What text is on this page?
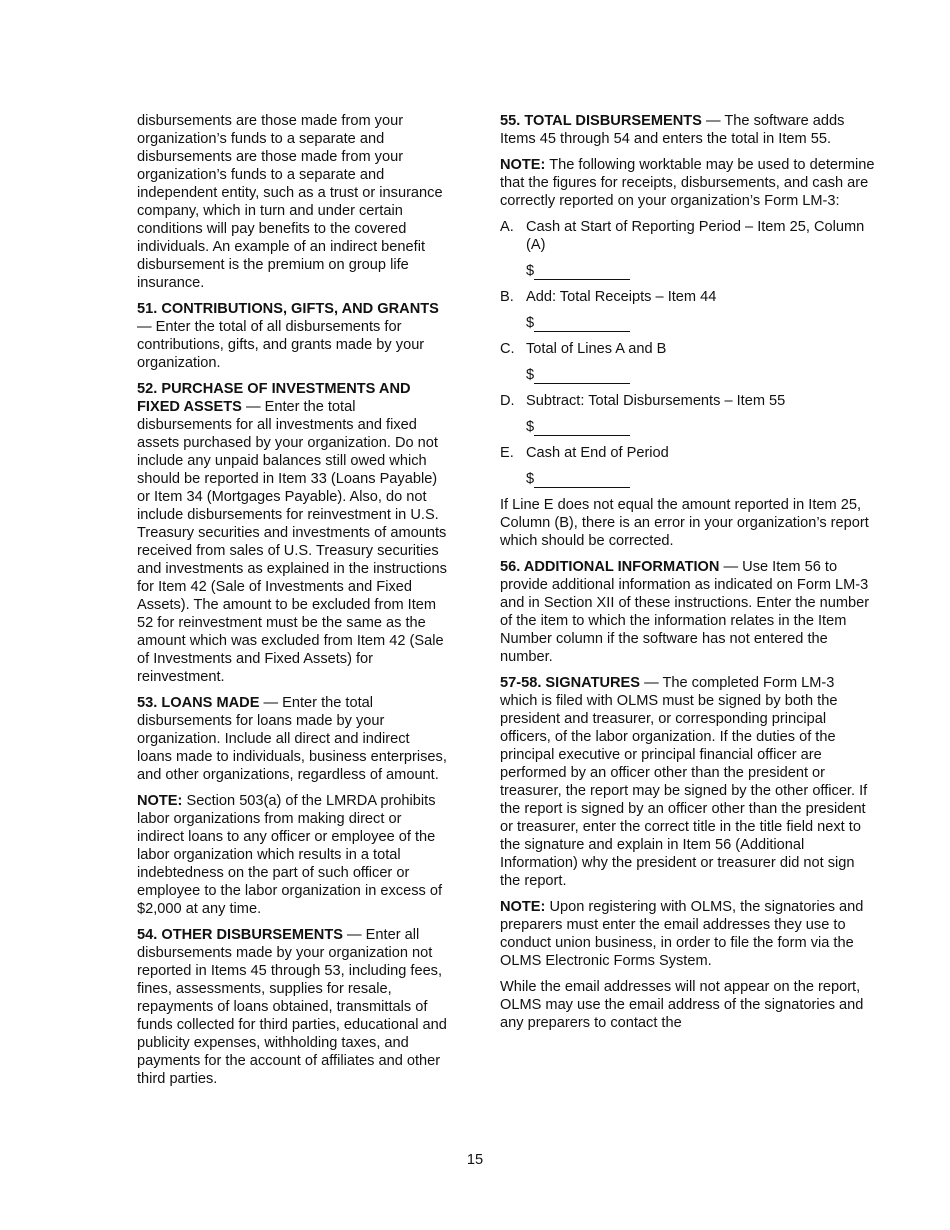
disbursements are those made from your organization’s funds to a separate and disbursements are those made from your organization’s funds to a separate and independent entity, such as a trust or insurance company, which in turn and under certain conditions will pay benefits to the covered individuals. An example of an indirect benefit disbursement is the premium on group life insurance.

51. CONTRIBUTIONS, GIFTS, AND GRANTS — Enter the total of all disbursements for contributions, gifts, and grants made by your organization.

52. PURCHASE OF INVESTMENTS AND FIXED ASSETS — Enter the total disbursements for all investments and fixed assets purchased by your organization. Do not include any unpaid balances still owed which should be reported in Item 33 (Loans Payable) or Item 34 (Mortgages Payable). Also, do not include disbursements for reinvestment in U.S. Treasury securities and investments of amounts received from sales of U.S. Treasury securities and investments as explained in the instructions for Item 42 (Sale of Investments and Fixed Assets). The amount to be excluded from Item 52 for reinvestment must be the same as the amount which was excluded from Item 42 (Sale of Investments and Fixed Assets) for reinvestment.

53. LOANS MADE — Enter the total disbursements for loans made by your organization. Include all direct and indirect loans made to individuals, business enterprises, and other organizations, regardless of amount.

NOTE: Section 503(a) of the LMRDA prohibits labor organizations from making direct or indirect loans to any officer or employee of the labor organization which results in a total indebtedness on the part of such officer or employee to the labor organization in excess of $2,000 at any time.

54. OTHER DISBURSEMENTS — Enter all disbursements made by your organization not reported in Items 45 through 53, including fees, fines, assessments, supplies for resale, repayments of loans obtained, transmittals of funds collected for third parties, educational and publicity expenses, withholding taxes, and payments for the account of affiliates and other third parties.

55. TOTAL DISBURSEMENTS — The software adds Items 45 through 54 and enters the total in Item 55.

NOTE: The following worktable may be used to determine that the figures for receipts, disbursements, and cash are correctly reported on your organization’s Form LM-3:

A. Cash at Start of Reporting Period – Item 25, Column (A)
$
B. Add: Total Receipts – Item 44
$
C. Total of Lines A and B
$
D. Subtract: Total Disbursements – Item 55
$
E. Cash at End of Period
$

If Line E does not equal the amount reported in Item 25, Column (B), there is an error in your organization’s report which should be corrected.

56. ADDITIONAL INFORMATION — Use Item 56 to provide additional information as indicated on Form LM-3 and in Section XII of these instructions. Enter the number of the item to which the information relates in the Item Number column if the software has not entered the number.

57-58. SIGNATURES — The completed Form LM-3 which is filed with OLMS must be signed by both the president and treasurer, or corresponding principal officers, of the labor organization. If the duties of the principal executive or principal financial officer are performed by an officer other than the president or treasurer, the report may be signed by the other officer. If the report is signed by an officer other than the president or treasurer, enter the correct title in the title field next to the signature and explain in Item 56 (Additional Information) why the president or treasurer did not sign the report.

NOTE: Upon registering with OLMS, the signatories and preparers must enter the email addresses they use to conduct union business, in order to file the form via the OLMS Electronic Forms System.

While the email addresses will not appear on the report, OLMS may use the email address of the signatories and any preparers to contact the

15
